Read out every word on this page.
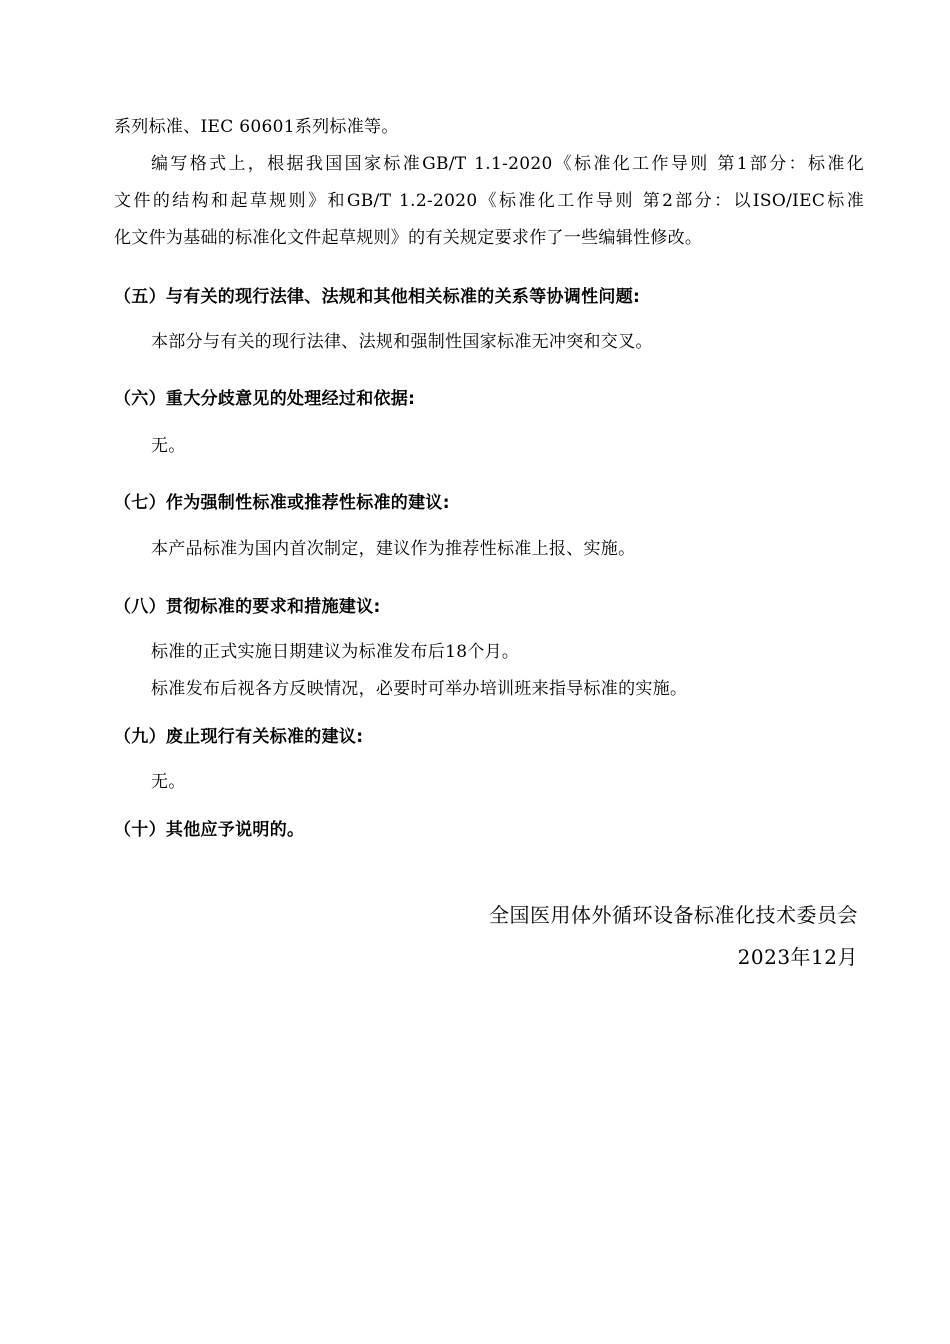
系列标准、IEC 60601系列标准等。
编写格式上，根据我国国家标准GB/T 1.1-2020《标准化工作导则 第1部分：标准化
文件的结构和起草规则》和GB/T 1.2-2020《标准化工作导则 第2部分：以ISO/IEC标准
化文件为基础的标准化文件起草规则》的有关规定要求作了一些编辑性修改。
（五）与有关的现行法律、法规和其他相关标准的关系等协调性问题:
本部分与有关的现行法律、法规和强制性国家标准无冲突和交叉。
（六）重大分歧意见的处理经过和依据:
无。
（七）作为强制性标准或推荐性标准的建议:
本产品标准为国内首次制定，建议作为推荐性标准上报、实施。
（八）贯彻标准的要求和措施建议:
标准的正式实施日期建议为标准发布后18个月。
标准发布后视各方反映情况，必要时可举办培训班来指导标准的实施。
（九）废止现行有关标准的建议:
无。
（十）其他应予说明的。
全国医用体外循环设备标准化技术委员会
2023年12月
